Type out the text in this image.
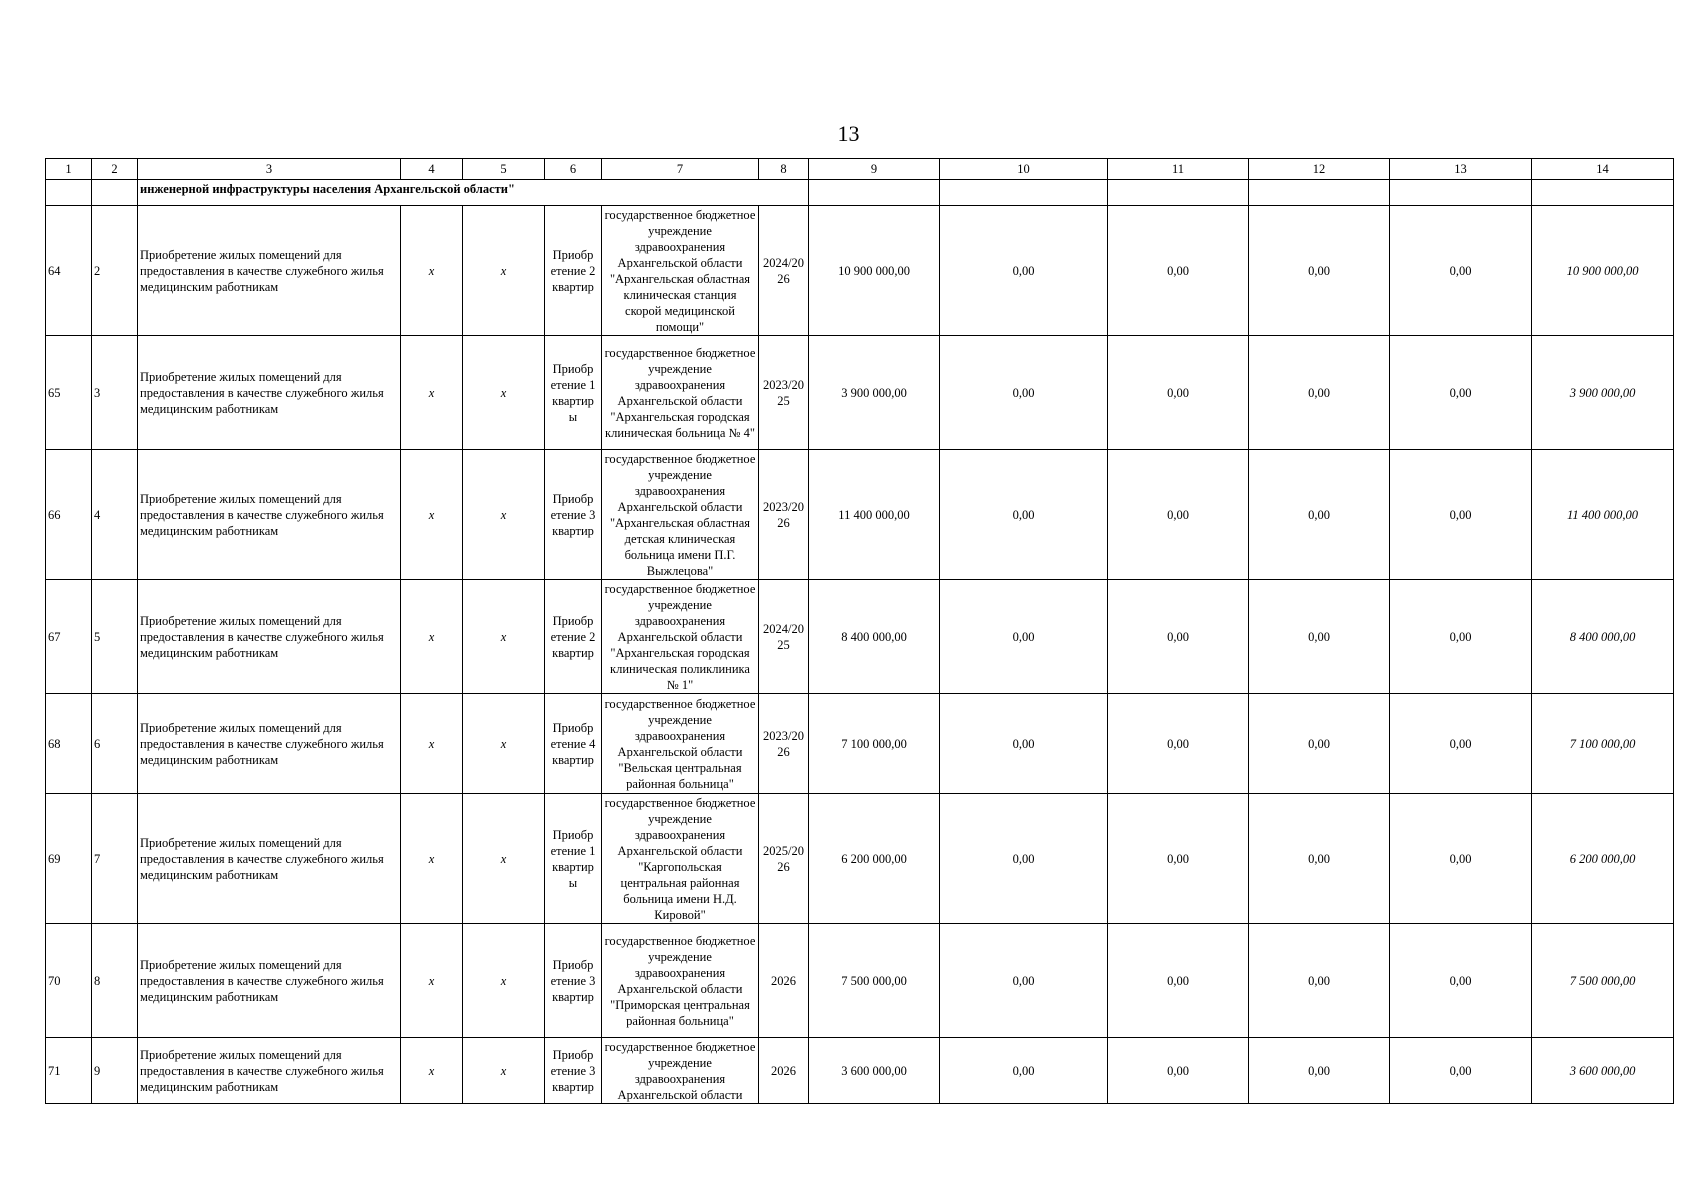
13
1	2	3	4	5	6	7	8	9	10	11	12	13	14
		инженерной инфраструктуры населения Архангельской области"											
64	2	Приобретение жилых помещений для предоставления в качестве служебного жилья медицинским работникам	x	x	Приобр етение 2 квартир	государственное бюджетное учреждение здравоохранения Архангельской области "Архангельская областная клиническая станция скорой медицинской помощи"	2024/20 26	10 900 000,00	0,00	0,00	0,00	0,00	10 900 000,00
65	3	Приобретение жилых помещений для предоставления в качестве служебного жилья медицинским работникам	x	x	Приобр етение 1 квартир ы	государственное бюджетное учреждение здравоохранения Архангельской области "Архангельская городская клиническая больница № 4"	2023/20 25	3 900 000,00	0,00	0,00	0,00	0,00	3 900 000,00
66	4	Приобретение жилых помещений для предоставления в качестве служебного жилья медицинским работникам	x	x	Приобр етение 3 квартир	государственное бюджетное учреждение здравоохранения Архангельской области "Архангельская областная детская клиническая больница имени П.Г. Выжлецова"	2023/20 26	11 400 000,00	0,00	0,00	0,00	0,00	11 400 000,00
67	5	Приобретение жилых помещений для предоставления в качестве служебного жилья медицинским работникам	x	x	Приобр етение 2 квартир	государственное бюджетное учреждение здравоохранения Архангельской области "Архангельская городская клиническая поликлиника № 1"	2024/20 25	8 400 000,00	0,00	0,00	0,00	0,00	8 400 000,00
68	6	Приобретение жилых помещений для предоставления в качестве служебного жилья медицинским работникам	x	x	Приобр етение 4 квартир	государственное бюджетное учреждение здравоохранения Архангельской области "Вельская центральная районная больница"	2023/20 26	7 100 000,00	0,00	0,00	0,00	0,00	7 100 000,00
69	7	Приобретение жилых помещений для предоставления в качестве служебного жилья медицинским работникам	x	x	Приобр етение 1 квартир ы	государственное бюджетное учреждение здравоохранения Архангельской области "Каргопольская центральная районная больница имени Н.Д. Кировой"	2025/20 26	6 200 000,00	0,00	0,00	0,00	0,00	6 200 000,00
70	8	Приобретение жилых помещений для предоставления в качестве служебного жилья медицинским работникам	x	x	Приобр етение 3 квартир	государственное бюджетное учреждение здравоохранения Архангельской области "Приморская центральная районная больница"	2026	7 500 000,00	0,00	0,00	0,00	0,00	7 500 000,00
71	9	Приобретение жилых помещений для предоставления в качестве служебного жилья медицинским работникам	x	x	Приобр етение 3 квартир	государственное бюджетное учреждение здравоохранения Архангельской области	2026	3 600 000,00	0,00	0,00	0,00	0,00	3 600 000,00
